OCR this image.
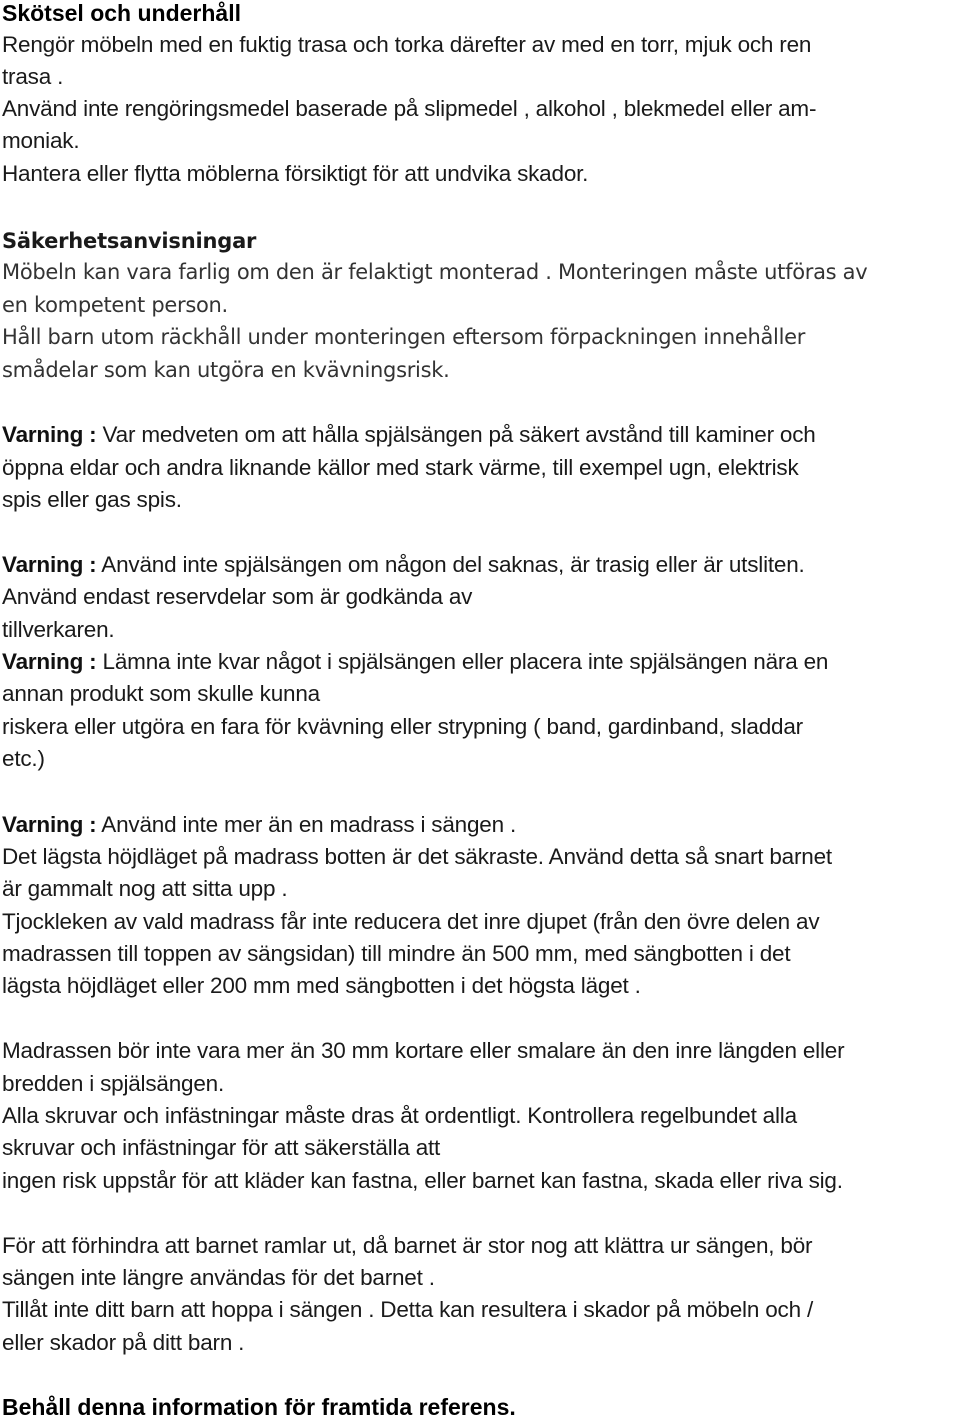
Skötsel och underhåll

Rengör möbeln med en fuktig trasa och torka därefter av med en torr, mjuk och ren

trasa .

Använd inte rengöringsmedel baserade på slipmedel , alkohol , blekmedel eller am-

moniak.

Hantera eller flytta möblerna försiktigt för att undvika skador.

Säkerhetsanvisningar

Möbeln kan vara farlig om den är felaktigt monterad . Monteringen måste utföras av

en kompetent person.

Håll barn utom räckhåll under monteringen eftersom förpackningen innehåller

smådelar som kan utgöra en kvävningsrisk.

Varning : Var medveten om att hålla spjälsängen på säkert avstånd till kaminer och

öppna eldar och andra liknande källor med stark värme, till exempel ugn, elektrisk

spis eller gas spis.

Varning : Använd inte spjälsängen om någon del saknas, är trasig eller är utsliten.

Använd endast reservdelar som är godkända av

tillverkaren.

Varning : Lämna inte kvar något i spjälsängen eller placera inte spjälsängen nära en

annan produkt som skulle kunna

riskera eller utgöra en fara för kvävning eller strypning ( band, gardinband, sladdar

etc.)

Varning : Använd inte mer än en madrass i sängen .

Det lägsta höjdläget på madrass botten är det säkraste. Använd detta så snart barnet

är gammalt nog att sitta upp .

Tjockleken av vald madrass får inte reducera det inre djupet (från den övre delen av

madrassen till toppen av sängsidan) till mindre än 500 mm, med sängbotten i det

lägsta höjdläget eller 200 mm med sängbotten i det högsta läget .

Madrassen bör inte vara mer än 30 mm kortare eller smalare än den inre längden eller

bredden i spjälsängen.

Alla skruvar och infästningar måste dras åt ordentligt. Kontrollera regelbundet alla

skruvar och infästningar för att säkerställa att

ingen risk uppstår för att kläder kan fastna, eller barnet kan fastna, skada eller riva sig.

För att förhindra att barnet ramlar ut, då barnet är stor nog att klättra ur sängen, bör

sängen inte längre användas för det barnet .

Tillåt inte ditt barn att hoppa i sängen . Detta kan resultera i skador på möbeln och /

eller skador på ditt barn .

Behåll denna information för framtida referens.
